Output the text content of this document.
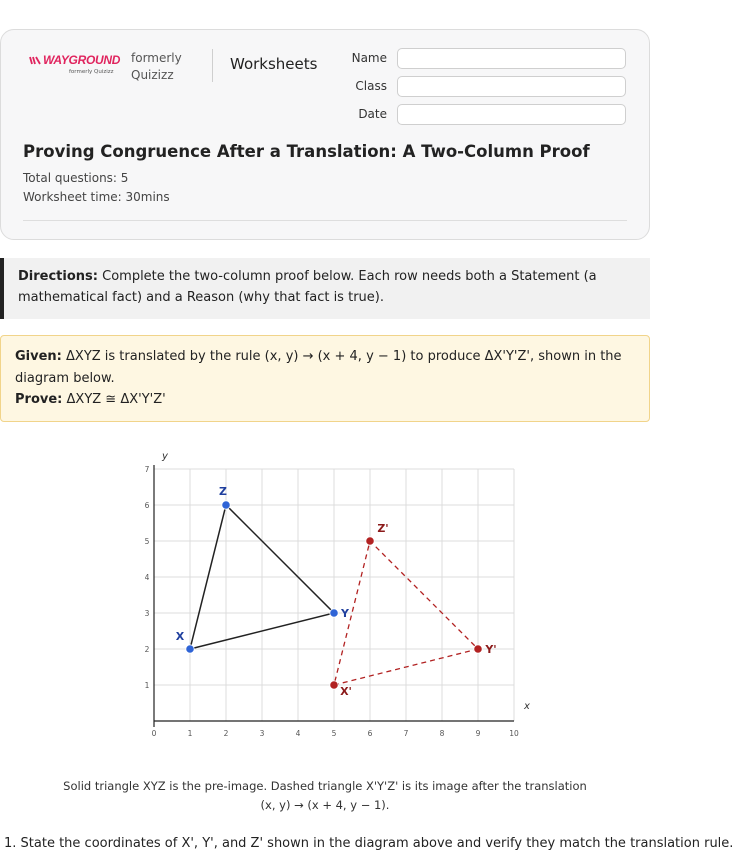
WAYGROUND
formerly Quizizz
formerly Quizizz
Worksheets	Name
Class
Date
Proving Congruence After a Translation: A Two-Column Proof
Total questions: 5
Worksheet time: 30mins
Directions: Complete the two-column proof below. Each row needs both a Statement (a mathematical fact) and a Reason (why that fact is true).
Given: ΔXYZ is translated by the rule (x, y) → (x + 4, y − 1) to produce ΔX'Y'Z', shown in the diagram below.
Prove: ΔXYZ ≅ ΔX'Y'Z'
x
y
0	1	2	3	4	5	6	7	8	9	10
1
2
3
4
5
6
7
X
Y
Z
X'
Y'
Z'
Solid triangle XYZ is the pre-image. Dashed triangle X'Y'Z' is its image after the translation
(x, y) → (x + 4, y − 1).
1. State the coordinates of X', Y', and Z' shown in the diagram above and verify they match the translation rule.
